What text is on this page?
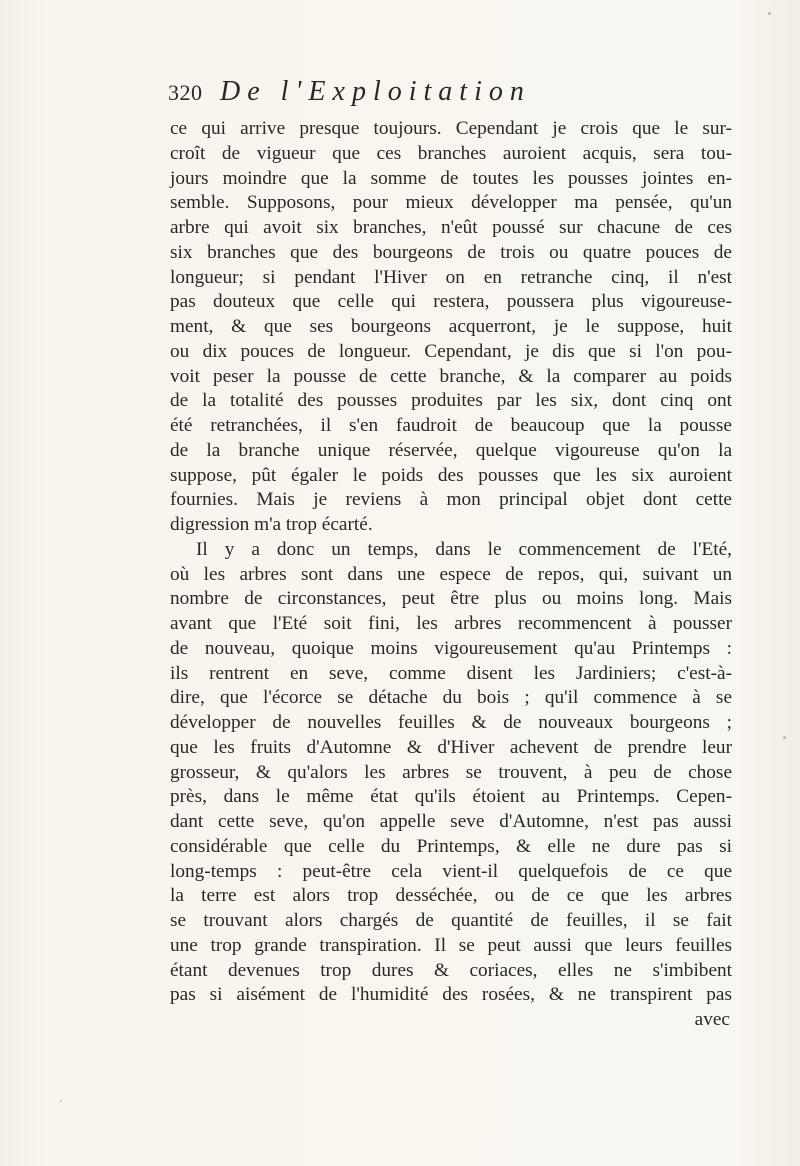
320 De l'Exploitation
ce qui arrive presque toujours. Cependant je crois que le sur-
croît de vigueur que ces branches auroient acquis, sera tou-
jours moindre que la somme de toutes les pousses jointes en-
semble. Supposons, pour mieux développer ma pensée, qu'un
arbre qui avoit six branches, n'eût poussé sur chacune de ces
six branches que des bourgeons de trois ou quatre pouces de
longueur; si pendant l'Hiver on en retranche cinq, il n'est
pas douteux que celle qui restera, poussera plus vigoureuse-
ment, & que ses bourgeons acquerront, je le suppose, huit
ou dix pouces de longueur. Cependant, je dis que si l'on pou-
voit peser la pousse de cette branche, & la comparer au poids
de la totalité des pousses produites par les six, dont cinq ont
été retranchées, il s'en faudroit de beaucoup que la pousse
de la branche unique réservée, quelque vigoureuse qu'on la
suppose, pût égaler le poids des pousses que les six auroient
fournies. Mais je reviens à mon principal objet dont cette
digression m'a trop écarté.
Il y a donc un temps, dans le commencement de l'Eté,
où les arbres sont dans une espece de repos, qui, suivant un
nombre de circonstances, peut être plus ou moins long. Mais
avant que l'Eté soit fini, les arbres recommencent à pousser
de nouveau, quoique moins vigoureusement qu'au Printemps :
ils rentrent en seve, comme disent les Jardiniers; c'est-à-
dire, que l'écorce se détache du bois ; qu'il commence à se
développer de nouvelles feuilles & de nouveaux bourgeons ;
que les fruits d'Automne & d'Hiver achevent de prendre leur
grosseur, & qu'alors les arbres se trouvent, à peu de chose
près, dans le même état qu'ils étoient au Printemps. Cepen-
dant cette seve, qu'on appelle seve d'Automne, n'est pas aussi
considérable que celle du Printemps, & elle ne dure pas si
long-temps : peut-être cela vient-il quelquefois de ce que
la terre est alors trop desséchée, ou de ce que les arbres
se trouvant alors chargés de quantité de feuilles, il se fait
une trop grande transpiration. Il se peut aussi que leurs feuilles
étant devenues trop dures & coriaces, elles ne s'imbibent
pas si aisément de l'humidité des rosées, & ne transpirent pas
avec
